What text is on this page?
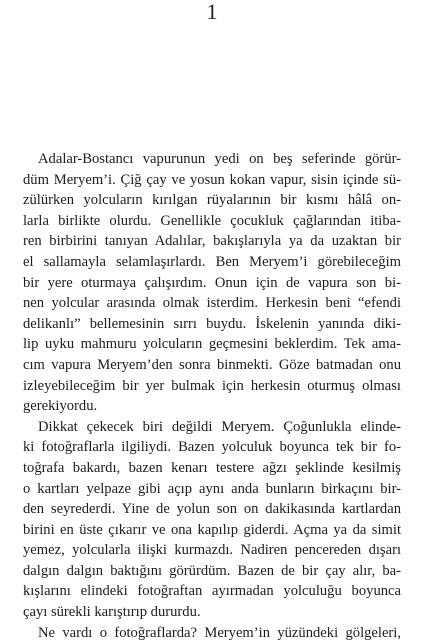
1
Adalar-Bostancı vapurunun yedi on beş seferinde görür-
düm Meryem’i. Çiğ çay ve yosun kokan vapur, sisin içinde sü-
zülürken yolcuların kırılgan rüyalarının bir kısmı hâlâ on-
larla birlikte olurdu. Genellikle çocukluk çağlarından itiba-
ren birbirini tanıyan Adalılar, bakışlarıyla ya da uzaktan bir
el sallamayla selamlaşırlardı. Ben Meryem’i görebileceğim
bir yere oturmaya çalışırdım. Onun için de vapura son bi-
nen yolcular arasında olmak isterdim. Herkesin beni “efendi
delikanlı” bellemesinin sırrı buydu. İskelenin yanında diki-
lip uyku mahmuru yolcuların geçmesini beklerdim. Tek ama-
cım vapura Meryem’den sonra binmekti. Göze batmadan onu
izleyebileceğim bir yer bulmak için herkesin oturmuş olması
gerekiyordu.
Dikkat çekecek biri değildi Meryem. Çoğunlukla elinde-
ki fotoğraflarla ilgiliydi. Bazen yolculuk boyunca tek bir fo-
toğrafa bakardı, bazen kenarı testere ağzı şeklinde kesilmiş
o kartları yelpaze gibi açıp aynı anda bunların birkaçını bir-
den seyrederdi. Yine de yolun son on dakikasında kartlardan
birini en üste çıkarır ve ona kapılıp giderdi. Açma ya da simit
yemez, yolcularla ilişki kurmazdı. Nadiren pencereden dışarı
dalgın dalgın baktığını görürdüm. Bazen de bir çay alır, ba-
kışlarını elindeki fotoğraftan ayırmadan yolculuğu boyunca
çayı sürekli karıştırıp dururdu.
Ne vardı o fotoğraflarda? Meryem’in yüzündeki gölgeleri,
